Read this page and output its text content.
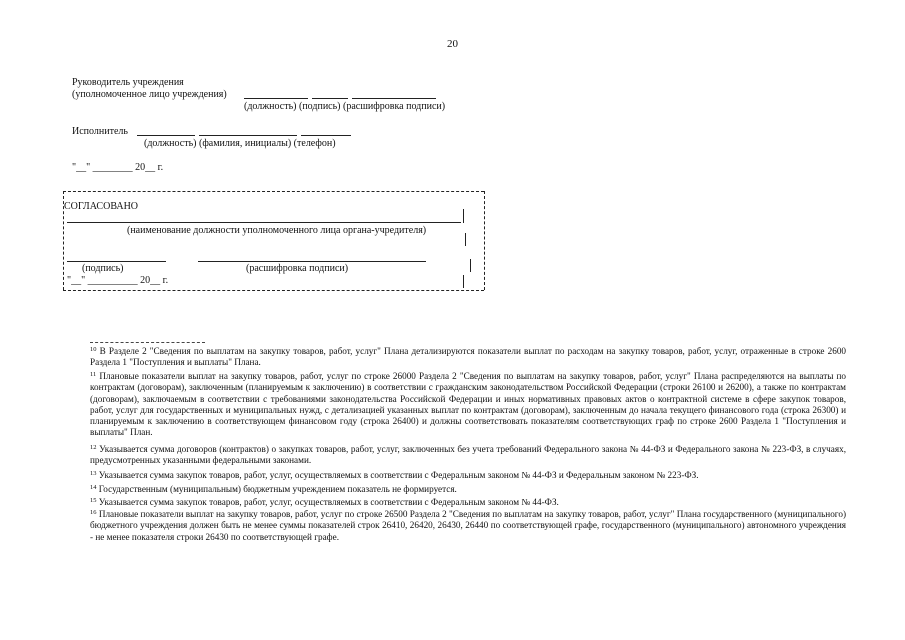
20
Руководитель учреждения
(уполномоченное лицо учреждения)
(должность) (подпись) (расшифровка подписи)
Исполнитель
(должность) (фамилия, инициалы) (телефон)
"__" ________ 20__ г.
СОГЛАСОВАНО
(наименование должности уполномоченного лица органа-учредителя)
(подпись)	(расшифровка подписи)
"__" __________ 20__ г.
$^{10}$ В Разделе 2 "Сведения по выплатам на закупку товаров, работ, услуг" Плана детализируются показатели выплат по расходам на закупку товаров, работ, услуг, отраженные в строке 2600 Раздела 1 "Поступления и выплаты" Плана.
$^{11}$ Плановые показатели выплат на закупку товаров, работ, услуг по строке 26000 Раздела 2 "Сведения по выплатам на закупку товаров, работ, услуг" Плана распределяются на выплаты по контрактам (договорам), заключенным (планируемым к заключению) в соответствии с гражданским законодательством Российской Федерации (строки 26100 и 26200), а также по контрактам (договорам), заключаемым в соответствии с требованиями законодательства Российской Федерации и иных нормативных правовых актов о контрактной системе в сфере закупок товаров, работ, услуг для государственных и муниципальных нужд, с детализацией указанных выплат по контрактам (договорам), заключенным до начала текущего финансового года (строка 26300) и планируемым к заключению в соответствующем финансовом году (строка 26400) и должны соответствовать показателям соответствующих граф по строке 2600 Раздела 1 "Поступления и выплаты" План.
$^{12}$ Указывается сумма договоров (контрактов) о закупках товаров, работ, услуг, заключенных без учета требований Федерального закона № 44-ФЗ и Федерального закона № 223-ФЗ, в случаях, предусмотренных указанными федеральными законами.
$^{13}$ Указывается сумма закупок товаров, работ, услуг, осуществляемых в соответствии с Федеральным законом № 44-ФЗ и Федеральным законом № 223-ФЗ.
$^{14}$ Государственным (муниципальным) бюджетным учреждением показатель не формируется.
$^{15}$ Указывается сумма закупок товаров, работ, услуг, осуществляемых в соответствии с Федеральным законом № 44-ФЗ.
$^{16}$ Плановые показатели выплат на закупку товаров, работ, услуг по строке 26500 Раздела 2 "Сведения по выплатам на закупку товаров, работ, услуг" Плана государственного (муниципального) бюджетного учреждения должен быть не менее суммы показателей строк 26410, 26420, 26430, 26440 по соответствующей графе, государственного (муниципального) автономного учреждения - не менее показателя строки 26430 по соответствующей графе.
